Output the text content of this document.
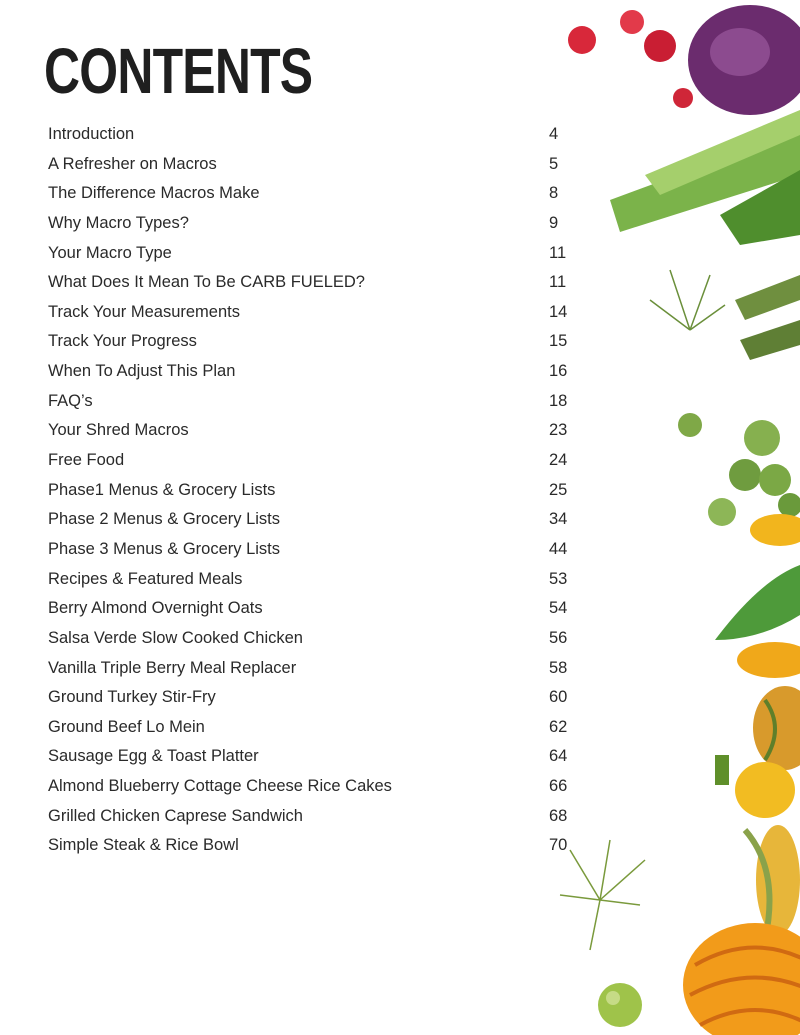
CONTENTS
Introduction	4
A Refresher on Macros	5
The Difference Macros Make	8
Why Macro Types?	9
Your Macro Type	11
What Does It Mean To Be CARB FUELED?	11
Track Your Measurements	14
Track Your Progress	15
When To Adjust This Plan	16
FAQ’s	18
Your Shred Macros	23
Free Food	24
Phase1 Menus & Grocery Lists	25
Phase 2 Menus & Grocery Lists	34
Phase 3 Menus & Grocery Lists	44
Recipes & Featured Meals	53
Berry Almond Overnight Oats	54
Salsa Verde Slow Cooked Chicken	56
Vanilla Triple Berry Meal Replacer	58
Ground Turkey Stir-Fry	60
Ground Beef Lo Mein	62
Sausage Egg & Toast Platter	64
Almond Blueberry Cottage Cheese Rice Cakes	66
Grilled Chicken Caprese Sandwich	68
Simple Steak & Rice Bowl	70
